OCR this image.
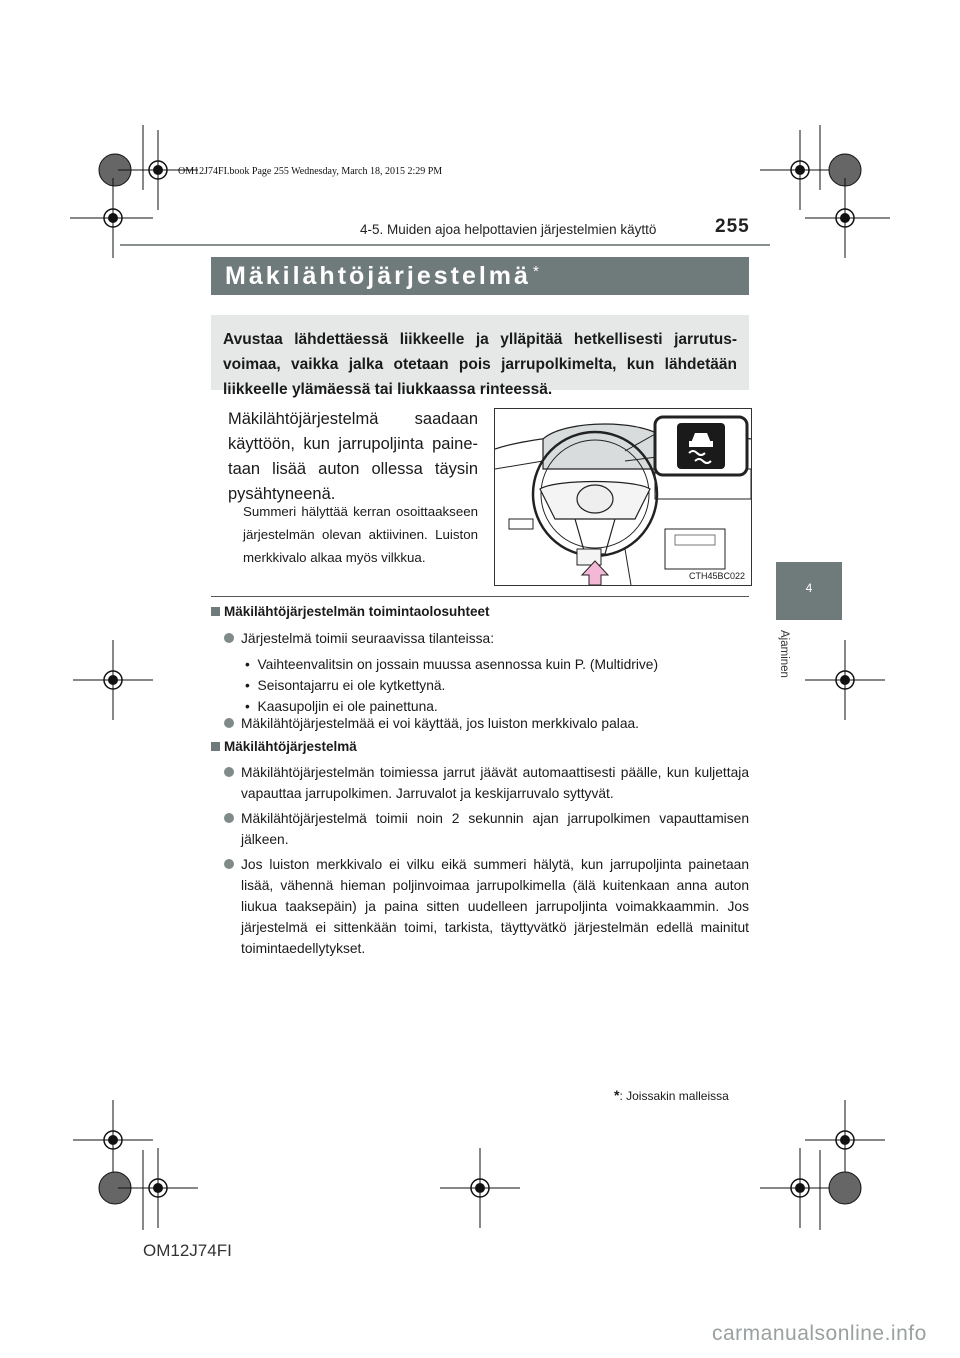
OM12J74FI.book Page 255 Wednesday, March 18, 2015 2:29 PM
4-5. Muiden ajoa helpottavien järjestelmien käyttö	255
4
Ajaminen
Mäkilähtöjärjestelmä *
Avustaa lähdettäessä liikkeelle ja ylläpitää hetkellisesti jarrutusvoimaa, vaikka jalka otetaan pois jarrupolkimelta, kun lähdetään liikkeelle ylämäessä tai liukkaassa rinteessä.
Mäkilähtöjärjestelmä saadaan käyttöön, kun jarrupoljinta painetaan lisää auton ollessa täysin pysähtyneenä.
Summeri hälyttää kerran osoittaakseen järjestelmän olevan aktiivinen. Luiston merkkivalo alkaa myös vilkkua.
CTH45BC022
Mäkilähtöjärjestelmän toimintaolosuhteet
Järjestelmä toimii seuraavissa tilanteissa:
•  Vaihteenvalitsin on jossain muussa asennossa kuin P. (Multidrive)
•  Seisontajarru ei ole kytkettynä.
•  Kaasupoljin ei ole painettuna.
Mäkilähtöjärjestelmää ei voi käyttää, jos luiston merkkivalo palaa.
Mäkilähtöjärjestelmä
Mäkilähtöjärjestelmän toimiessa jarrut jäävät automaattisesti päälle, kun kuljettaja vapauttaa jarrupolkimen. Jarruvalot ja keskijarruvalo syttyvät.
Mäkilähtöjärjestelmä toimii noin 2 sekunnin ajan jarrupolkimen vapauttamisen jälkeen.
Jos luiston merkkivalo ei vilku eikä summeri hälytä, kun jarrupoljinta painetaan lisää, vähennä hieman poljinvoimaa jarrupolkimella (älä kuitenkaan anna auton liukua taaksepäin) ja paina sitten uudelleen jarrupoljinta voimakkaammin. Jos järjestelmä ei sittenkään toimi, tarkista, täyttyvätkö järjestelmän edellä mainitut toimintaedellytykset.
*: Joissakin malleissa
OM12J74FI
carmanualsonline.info
